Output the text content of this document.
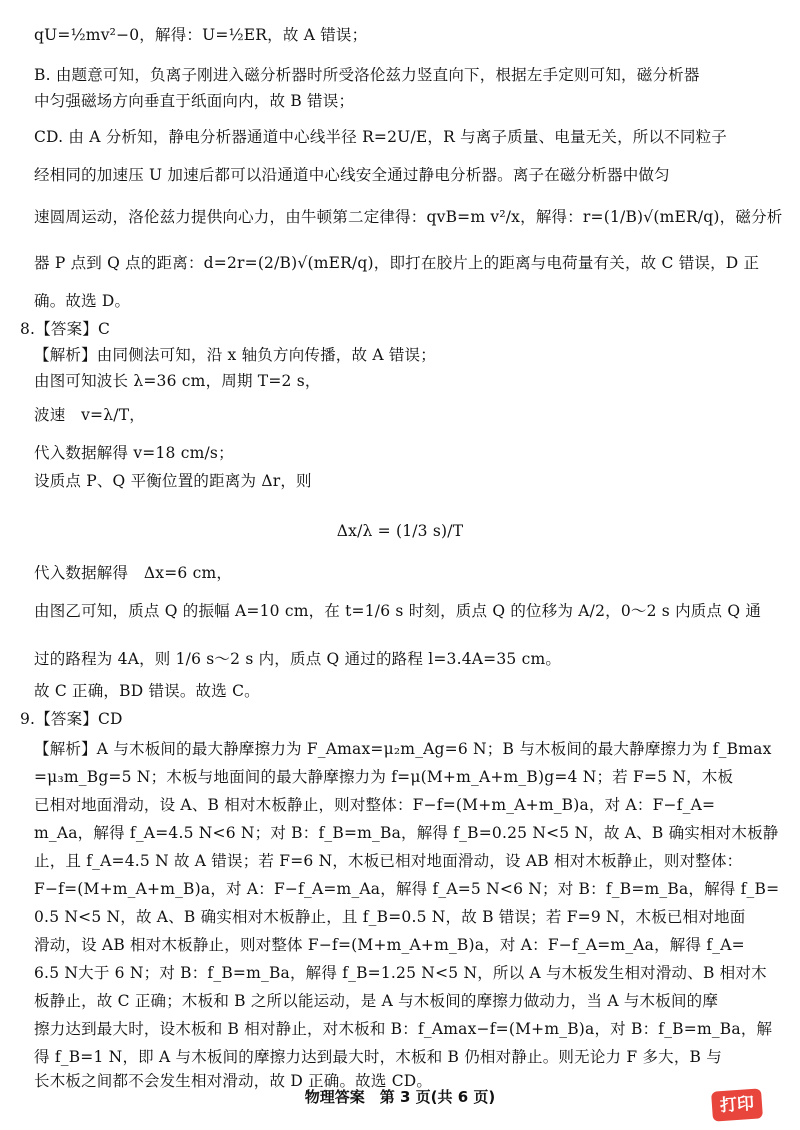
qU=½mv²−0，解得：U=½ER，故 A 错误；
B. 由题意可知，负离子刚进入磁分析器时所受洛伦兹力竖直向下，根据左手定则可知，磁分析器
中匀强磁场方向垂直于纸面向内，故 B 错误；
CD. 由 A 分析知，静电分析器通道中心线半径 R=2U/E，R 与离子质量、电量无关，所以不同粒子
经相同的加速压 U 加速后都可以沿通道中心线安全通过静电分析器。离子在磁分析器中做匀
速圆周运动，洛伦兹力提供向心力，由牛顿第二定律得：qvB=m v²/x，解得：r=(1/B)√(mER/q)，磁分析
器 P 点到 Q 点的距离：d=2r=(2/B)√(mER/q)，即打在胶片上的距离与电荷量有关，故 C 错误，D 正
确。故选 D。
8.【答案】C
【解析】由同侧法可知，沿 x 轴负方向传播，故 A 错误；
由图可知波长 λ=36 cm，周期 T=2 s，
波速　v=λ/T，
代入数据解得 v=18 cm/s；
设质点 P、Q 平衡位置的距离为 Δr，则
Δx/λ = (1/3 s)/T
代入数据解得　Δx=6 cm，
由图乙可知，质点 Q 的振幅 A=10 cm，在 t=1/6 s 时刻，质点 Q 的位移为 A/2，0～2 s 内质点 Q 通
过的路程为 4A，则 1/6 s～2 s 内，质点 Q 通过的路程 l=3.4A=35 cm。
故 C 正确，BD 错误。故选 C。
9.【答案】CD
【解析】A 与木板间的最大静摩擦力为 F_Amax=μ₂m_Ag=6 N；B 与木板间的最大静摩擦力为 f_Bmax
=μ₃m_Bg=5 N；木板与地面间的最大静摩擦力为 f=μ(M+m_A+m_B)g=4 N；若 F=5 N，木板
已相对地面滑动，设 A、B 相对木板静止，则对整体：F−f=(M+m_A+m_B)a，对 A：F−f_A=
m_Aa，解得 f_A=4.5 N<6 N；对 B：f_B=m_Ba，解得 f_B=0.25 N<5 N，故 A、B 确实相对木板静
止，且 f_A=4.5 N 故 A 错误；若 F=6 N，木板已相对地面滑动，设 AB 相对木板静止，则对整体：
F−f=(M+m_A+m_B)a，对 A：F−f_A=m_Aa，解得 f_A=5 N<6 N；对 B：f_B=m_Ba，解得 f_B=
0.5 N<5 N，故 A、B 确实相对木板静止，且 f_B=0.5 N，故 B 错误；若 F=9 N，木板已相对地面
滑动，设 AB 相对木板静止，则对整体 F−f=(M+m_A+m_B)a，对 A：F−f_A=m_Aa，解得 f_A=
6.5 N大于 6 N；对 B：f_B=m_Ba，解得 f_B=1.25 N<5 N，所以 A 与木板发生相对滑动、B 相对木
板静止，故 C 正确；木板和 B 之所以能运动，是 A 与木板间的摩擦力做动力，当 A 与木板间的摩
擦力达到最大时，设木板和 B 相对静止，对木板和 B：f_Amax−f=(M+m_B)a，对 B：f_B=m_Ba，解
得 f_B=1 N，即 A 与木板间的摩擦力达到最大时，木板和 B 仍相对静止。则无论力 F 多大，B 与
长木板之间都不会发生相对滑动，故 D 正确。故选 CD。
物理答案　第 3 页(共 6 页)	打印
